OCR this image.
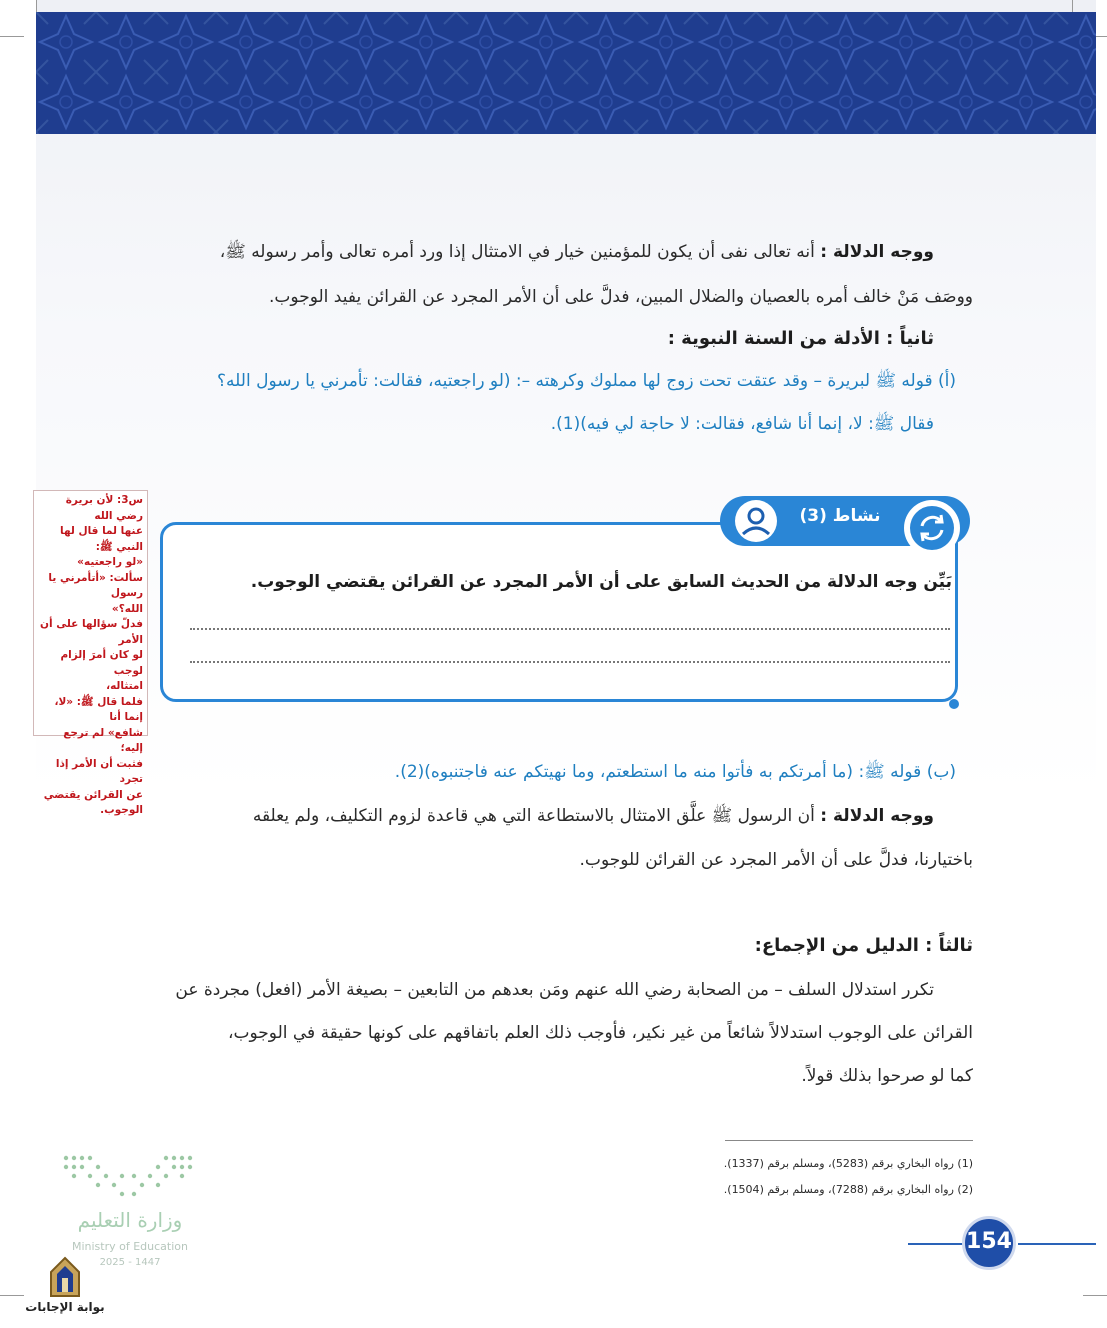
ووجه الدلالة : أنه تعالى نفى أن يكون للمؤمنين خيار في الامتثال إذا ورد أمره تعالى وأمر رسوله ﷺ،
ووصَف مَنْ خالف أمره بالعصيان والضلال المبين، فدلَّ على أن الأمر المجرد عن القرائن يفيد الوجوب.
ثانياً : الأدلة من السنة النبوية :
(أ) قوله ﷺ لبريرة – وقد عتقت تحت زوج لها مملوك وكرهته –: (لو راجعتيه، فقالت: تأمرني يا رسول الله؟
فقال ﷺ: لا، إنما أنا شافع، فقالت: لا حاجة لي فيه)(1).
س3: لأن بريرة رضي الله
عنها لما قال لها النبي ﷺ:
«لو راجعتيه»
سألت: «أتأمرني يا رسول
الله؟»
فدلّ سؤالها على أن الأمر
لو كان أمرَ إلزام لوجب
امتثاله،
فلما قال ﷺ: «لا، إنما أنا
شافع» لم ترجع إليه؛
فثبت أن الأمر إذا تجرد
عن القرائن يقتضي
الوجوب.
نشاط (3)
بَيِّن وجه الدلالة من الحديث السابق على أن الأمر المجرد عن القرائن يقتضي الوجوب.
(ب) قوله ﷺ: (ما أمرتكم به فأتوا منه ما استطعتم، وما نهيتكم عنه فاجتنبوه)(2).
ووجه الدلالة : أن الرسول ﷺ علَّق الامتثال بالاستطاعة التي هي قاعدة لزوم التكليف، ولم يعلقه
باختيارنا، فدلَّ على أن الأمر المجرد عن القرائن للوجوب.
ثالثاً : الدليل من الإجماع:
تكرر استدلال السلف – من الصحابة رضي الله عنهم ومَن بعدهم من التابعين – بصيغة الأمر (افعل) مجردة عن
القرائن على الوجوب استدلالاً شائعاً من غير نكير، فأوجب ذلك العلم باتفاقهم على كونها حقيقة في الوجوب،
كما لو صرحوا بذلك قولاً.
(1) رواه البخاري برقم (5283)، ومسلم برقم (1337).
(2) رواه البخاري برقم (7288)، ومسلم برقم (1504).
وزارة التعليم
Ministry of Education
2025 - 1447
بوابة الإجابات
154
